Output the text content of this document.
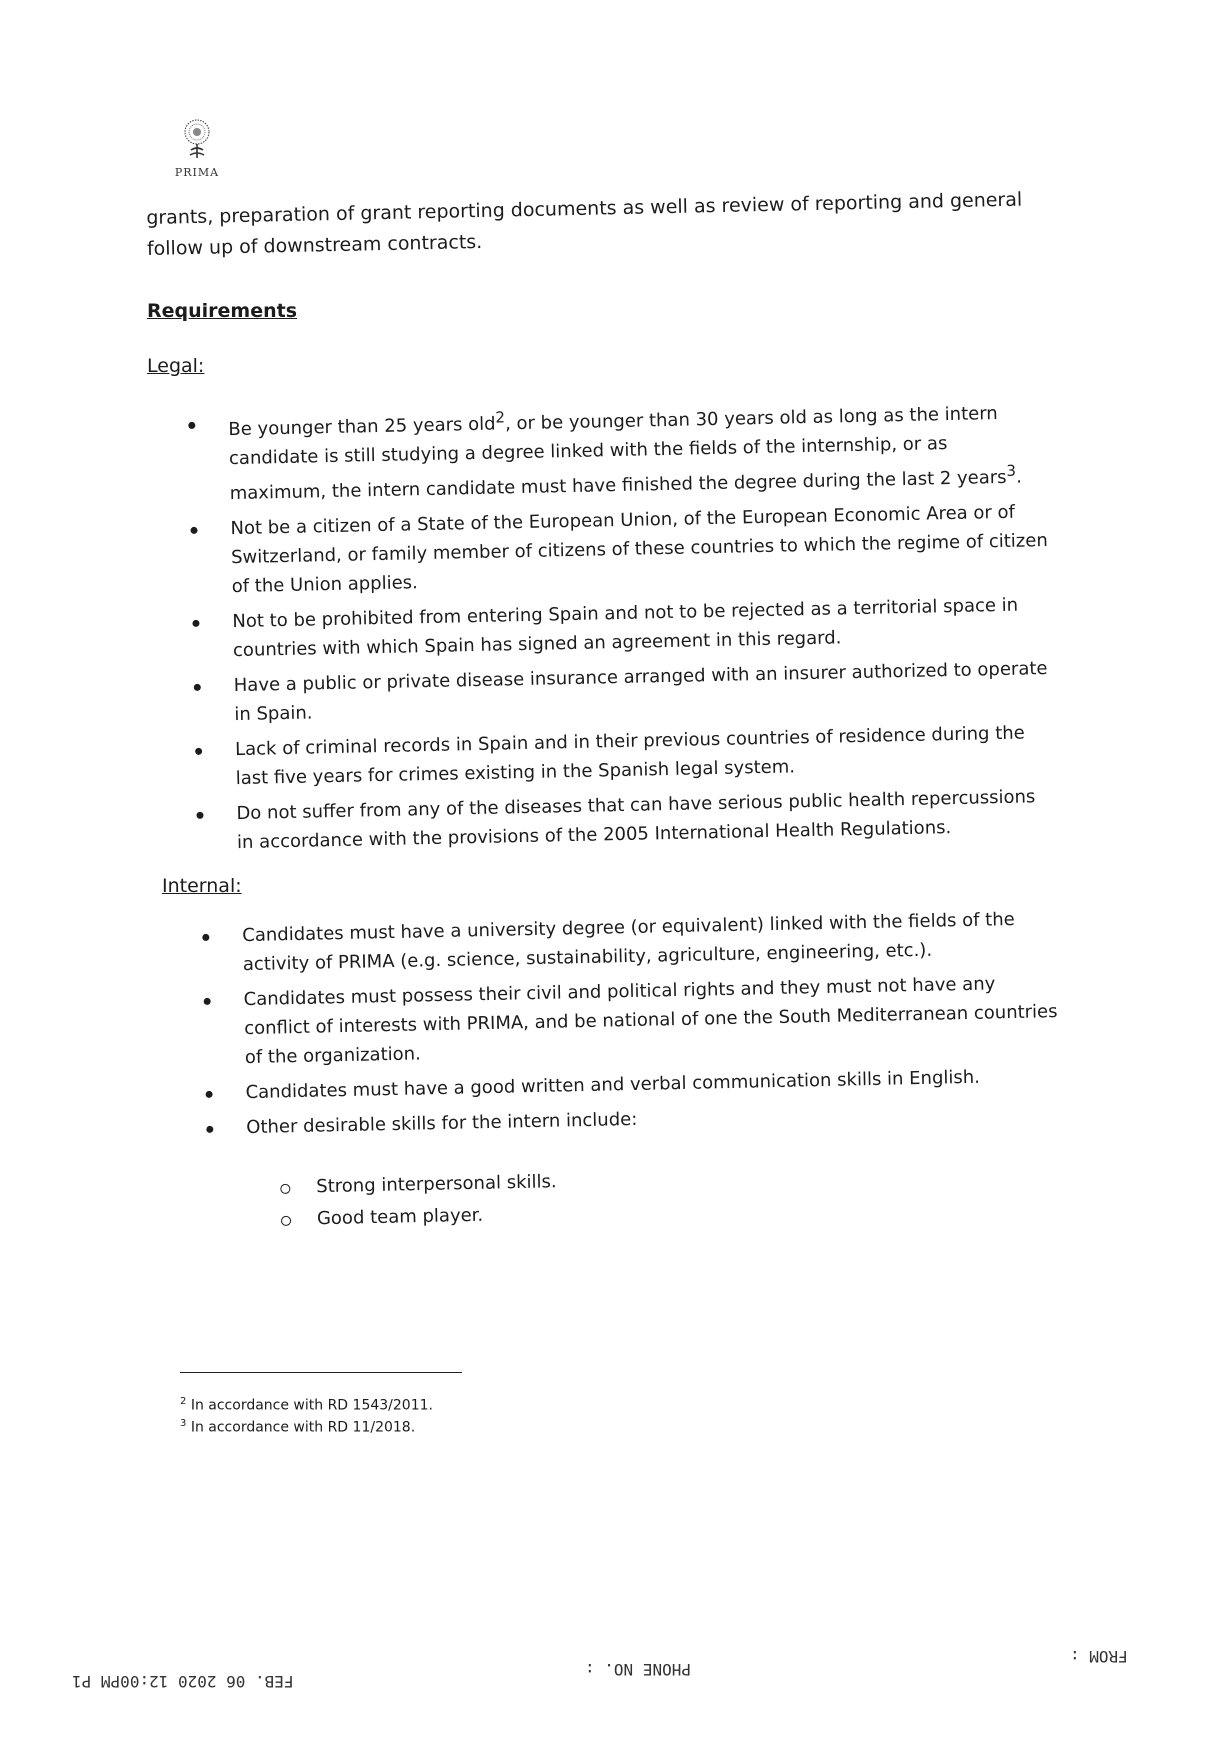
PRIMA
grants, preparation of grant reporting documents as well as review of reporting and general follow up of downstream contracts.
Requirements
Legal:
Be younger than 25 years old$^2$, or be younger than 30 years old as long as the intern candidate is still studying a degree linked with the fields of the internship, or as maximum, the intern candidate must have finished the degree during the last 2 years$^3$.
Not be a citizen of a State of the European Union, of the European Economic Area or of Switzerland, or family member of citizens of these countries to which the regime of citizen of the Union applies.
Not to be prohibited from entering Spain and not to be rejected as a territorial space in countries with which Spain has signed an agreement in this regard.
Have a public or private disease insurance arranged with an insurer authorized to operate in Spain.
Lack of criminal records in Spain and in their previous countries of residence during the last five years for crimes existing in the Spanish legal system.
Do not suffer from any of the diseases that can have serious public health repercussions in accordance with the provisions of the 2005 International Health Regulations.
Internal:
Candidates must have a university degree (or equivalent) linked with the fields of the activity of PRIMA (e.g. science, sustainability, agriculture, engineering, etc.).
Candidates must possess their civil and political rights and they must not have any conflict of interests with PRIMA, and be national of one the South Mediterranean countries of the organization.
Candidates must have a good written and verbal communication skills in English.
Other desirable skills for the intern include:
Strong interpersonal skills.
Good team player.
$^2$ In accordance with RD 1543/2011.
$^3$ In accordance with RD 11/2018.
FEB. 06 2020 12:00PM P1
PHONE NO. :
FROM :
